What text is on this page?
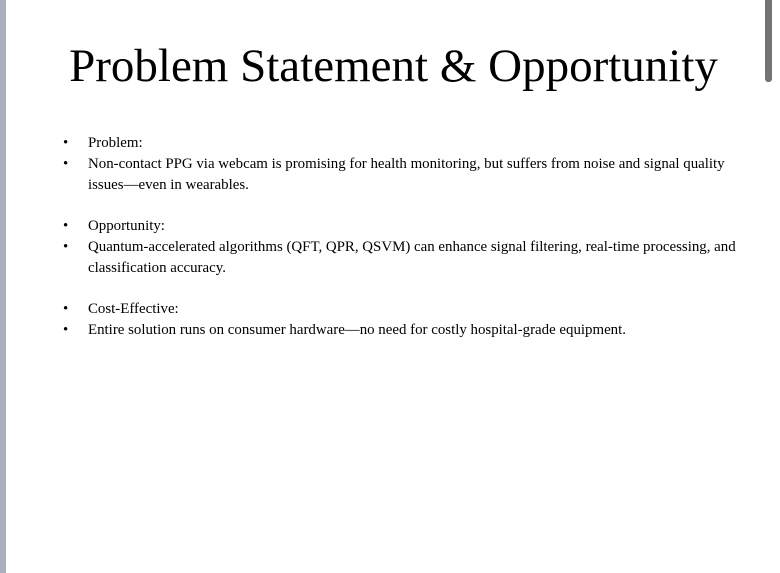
Problem Statement & Opportunity
•	Problem:
•	Non-contact PPG via webcam is promising for health monitoring, but suffers from noise and signal quality issues—even in wearables.
•	Opportunity:
•	Quantum-accelerated algorithms (QFT, QPR, QSVM) can enhance signal filtering, real-time processing, and classification accuracy.
•	Cost-Effective:
•	Entire solution runs on consumer hardware—no need for costly hospital-grade equipment.
